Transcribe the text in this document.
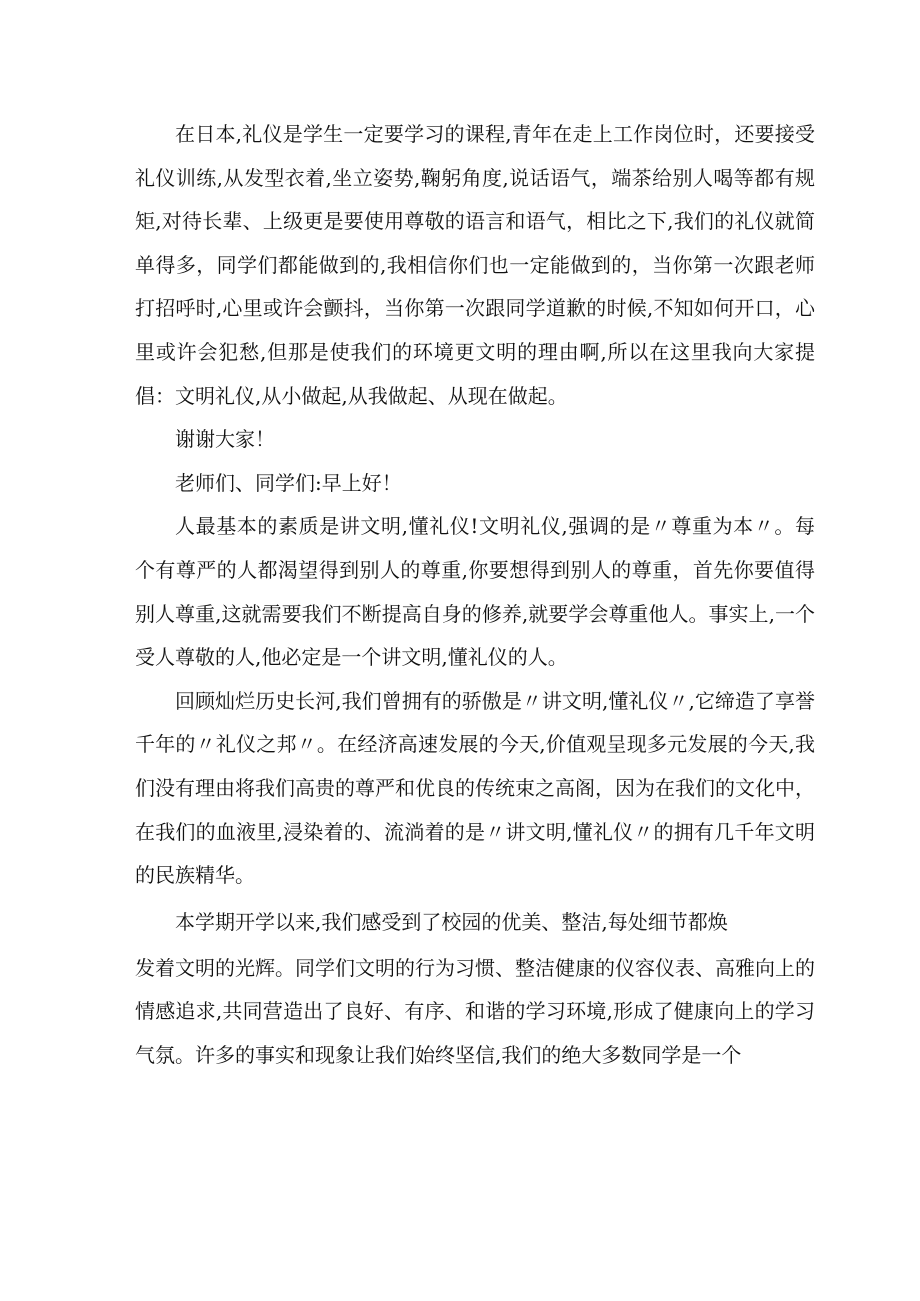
在日本,礼仪是学生一定要学习的课程,青年在走上工作岗位时，还要接受礼仪训练,从发型衣着,坐立姿势,鞠躬角度,说话语气，端茶给别人喝等都有规矩,对待长辈、上级更是要使用尊敬的语言和语气，相比之下,我们的礼仪就简单得多，同学们都能做到的,我相信你们也一定能做到的，当你第一次跟老师打招呼时,心里或许会颤抖，当你第一次跟同学道歉的时候,不知如何开口，心里或许会犯愁,但那是使我们的环境更文明的理由啊,所以在这里我向大家提倡：文明礼仪,从小做起,从我做起、从现在做起。

谢谢大家！

老师们、同学们:早上好！

人最基本的素质是讲文明,懂礼仪!文明礼仪,强调的是〃尊重为本〃。每个有尊严的人都渴望得到别人的尊重,你要想得到别人的尊重，首先你要值得别人尊重,这就需要我们不断提高自身的修养,就要学会尊重他人。事实上,一个受人尊敬的人,他必定是一个讲文明,懂礼仪的人。

回顾灿烂历史长河,我们曾拥有的骄傲是〃讲文明,懂礼仪〃,它缔造了享誉千年的〃礼仪之邦〃。在经济高速发展的今天,价值观呈现多元发展的今天,我们没有理由将我们高贵的尊严和优良的传统束之高阁，因为在我们的文化中，在我们的血液里,浸染着的、流淌着的是〃讲文明,懂礼仪〃的拥有几千年文明的民族精华。

本学期开学以来,我们感受到了校园的优美、整洁,每处细节都焕
发着文明的光辉。同学们文明的行为习惯、整洁健康的仪容仪表、高雅向上的情感追求,共同营造出了良好、有序、和谐的学习环境,形成了健康向上的学习气氛。许多的事实和现象让我们始终坚信,我们的绝大多数同学是一个
